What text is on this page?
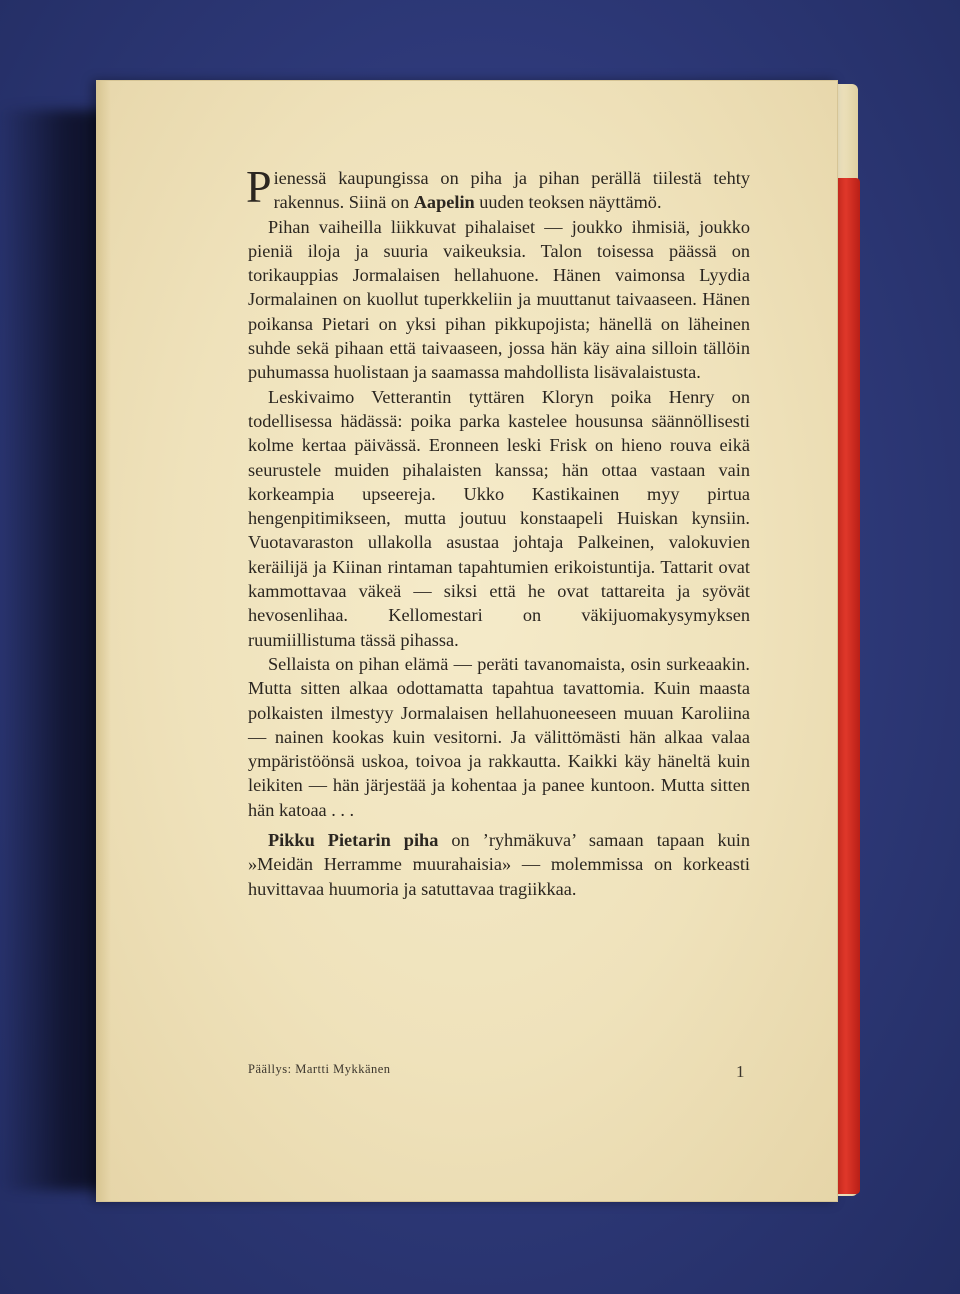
Pienessä kaupungissa on piha ja pihan perällä tiilestä tehty rakennus. Siinä on Aapelin uuden teoksen näyttämö.

Pihan vaiheilla liikkuvat pihalaiset — joukko ihmisiä, joukko pieniä iloja ja suuria vaikeuksia. Talon toisessa päässä on torikauppias Jormalaisen hellahuone. Hänen vaimonsa Lyydia Jormalainen on kuollut tuperkkeliin ja muuttanut taivaaseen. Hänen poikansa Pietari on yksi pihan pikkupojista; hänellä on läheinen suhde sekä pihaan että taivaaseen, jossa hän käy aina silloin tällöin puhumassa huolistaan ja saamassa mahdollista lisävalaistusta.

Leskivaimo Vetterantin tyttären Kloryn poika Henry on todellisessa hädässä: poika parka kastelee housunsa säännöllisesti kolme kertaa päivässä. Eronneen leski Frisk on hieno rouva eikä seurustele muiden pihalaisten kanssa; hän ottaa vastaan vain korkeampia upseereja. Ukko Kastikainen myy pirtua hengenpitimikseen, mutta joutuu konstaapeli Huiskan kynsiin. Vuotavaraston ullakolla asustaa johtaja Palkeinen, valokuvien keräilijä ja Kiinan rintaman tapahtumien erikoistuntija. Tattarit ovat kammottavaa väkeä — siksi että he ovat tattareita ja syövät hevosenlihaa. Kellomestari on väkijuomakysymyksen ruumiillistuma tässä pihassa.

Sellaista on pihan elämä — peräti tavanomaista, osin surkeaakin. Mutta sitten alkaa odottamatta tapahtua tavattomia. Kuin maasta polkaisten ilmestyy Jormalaisen hellahuoneeseen muuan Karoliina — nainen kookas kuin vesitorni. Ja välittömästi hän alkaa valaa ympäristöönsä uskoa, toivoa ja rakkautta. Kaikki käy häneltä kuin leikiten — hän järjestää ja kohentaa ja panee kuntoon. Mutta sitten hän katoaa . . .

Pikku Pietarin piha on ’ryhmäkuva’ samaan tapaan kuin »Meidän Herramme muurahaisia» — molemmissa on korkeasti huvittavaa huumoria ja satuttavaa tragiikkaa.

Päällys: Martti Mykkänen	1
